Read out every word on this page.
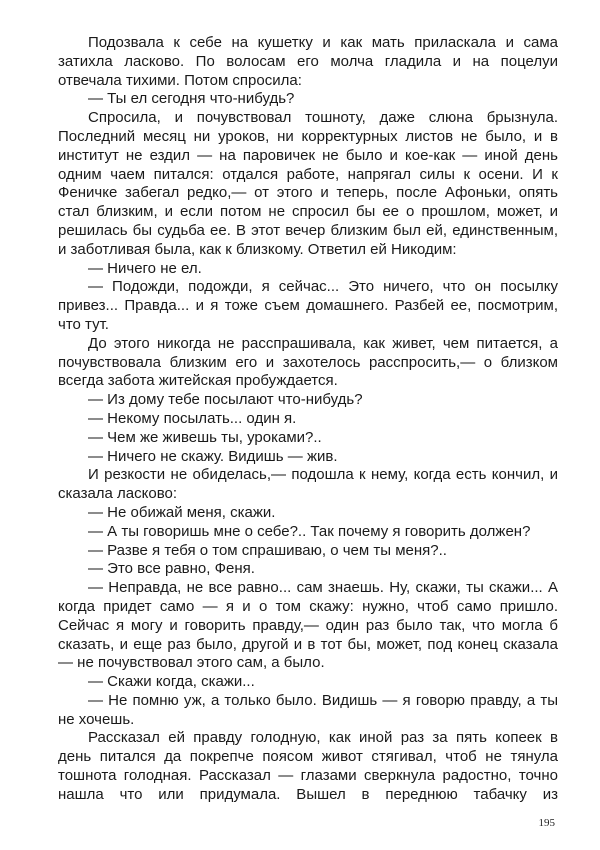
Подозвала к себе на кушетку и как мать приласкала и сама
затихла ласково. По волосам его молча гладила и на поцелуи
отвечала тихими. Потом спросила:
— Ты ел сегодня что-нибудь?
Спросила, и почувствовал тошноту, даже слюна брызнула.
Последний месяц ни уроков, ни корректурных листов не было, и в
институт не ездил — на паровичек не было и кое-как — иной день
одним чаем питался: отдался работе, напрягал силы к осени. И к
Феничке забегал редко,— от этого и теперь, после Афоньки, опять
стал близким, и если потом не спросил бы ее о прошлом, может, и
решилась бы судьба ее. В этот вечер близким был ей, единственным,
и заботливая была, как к близкому. Ответил ей Никодим:
— Ничего не ел.
— Подожди, подожди, я сейчас... Это ничего, что он посылку
привез... Правда... и я тоже съем домашнего. Разбей ее, посмотрим,
что тут.
До этого никогда не расспрашивала, как живет, чем питается, а
почувствовала близким его и захотелось расспросить,— о близком
всегда забота житейская пробуждается.
— Из дому тебе посылают что-нибудь?
— Некому посылать... один я.
— Чем же живешь ты, уроками?..
— Ничего не скажу. Видишь — жив.
И резкости не обиделась,— подошла к нему, когда есть кончил, и
сказала ласково:
— Не обижай меня, скажи.
— А ты говоришь мне о себе?.. Так почему я говорить должен?
— Разве я тебя о том спрашиваю, о чем ты меня?..
— Это все равно, Феня.
— Неправда, не все равно... сам знаешь. Ну, скажи, ты скажи... А
когда придет само — я и о том скажу: нужно, чтоб само пришло.
Сейчас я могу и говорить правду,— один раз было так, что могла б
сказать, и еще раз было, другой и в тот бы, может, под конец сказала
— не почувствовал этого сам, а было.
— Скажи когда, скажи...
— Не помню уж, а только было. Видишь — я говорю правду, а ты
не хочешь.
Рассказал ей правду голодную, как иной раз за пять копеек в
день питался да покрепче поясом живот стягивал, чтоб не тянула
тошнота голодная. Рассказал — глазами сверкнула радостно, точно
нашла что или придумала. Вышел в переднюю табачку из
195
